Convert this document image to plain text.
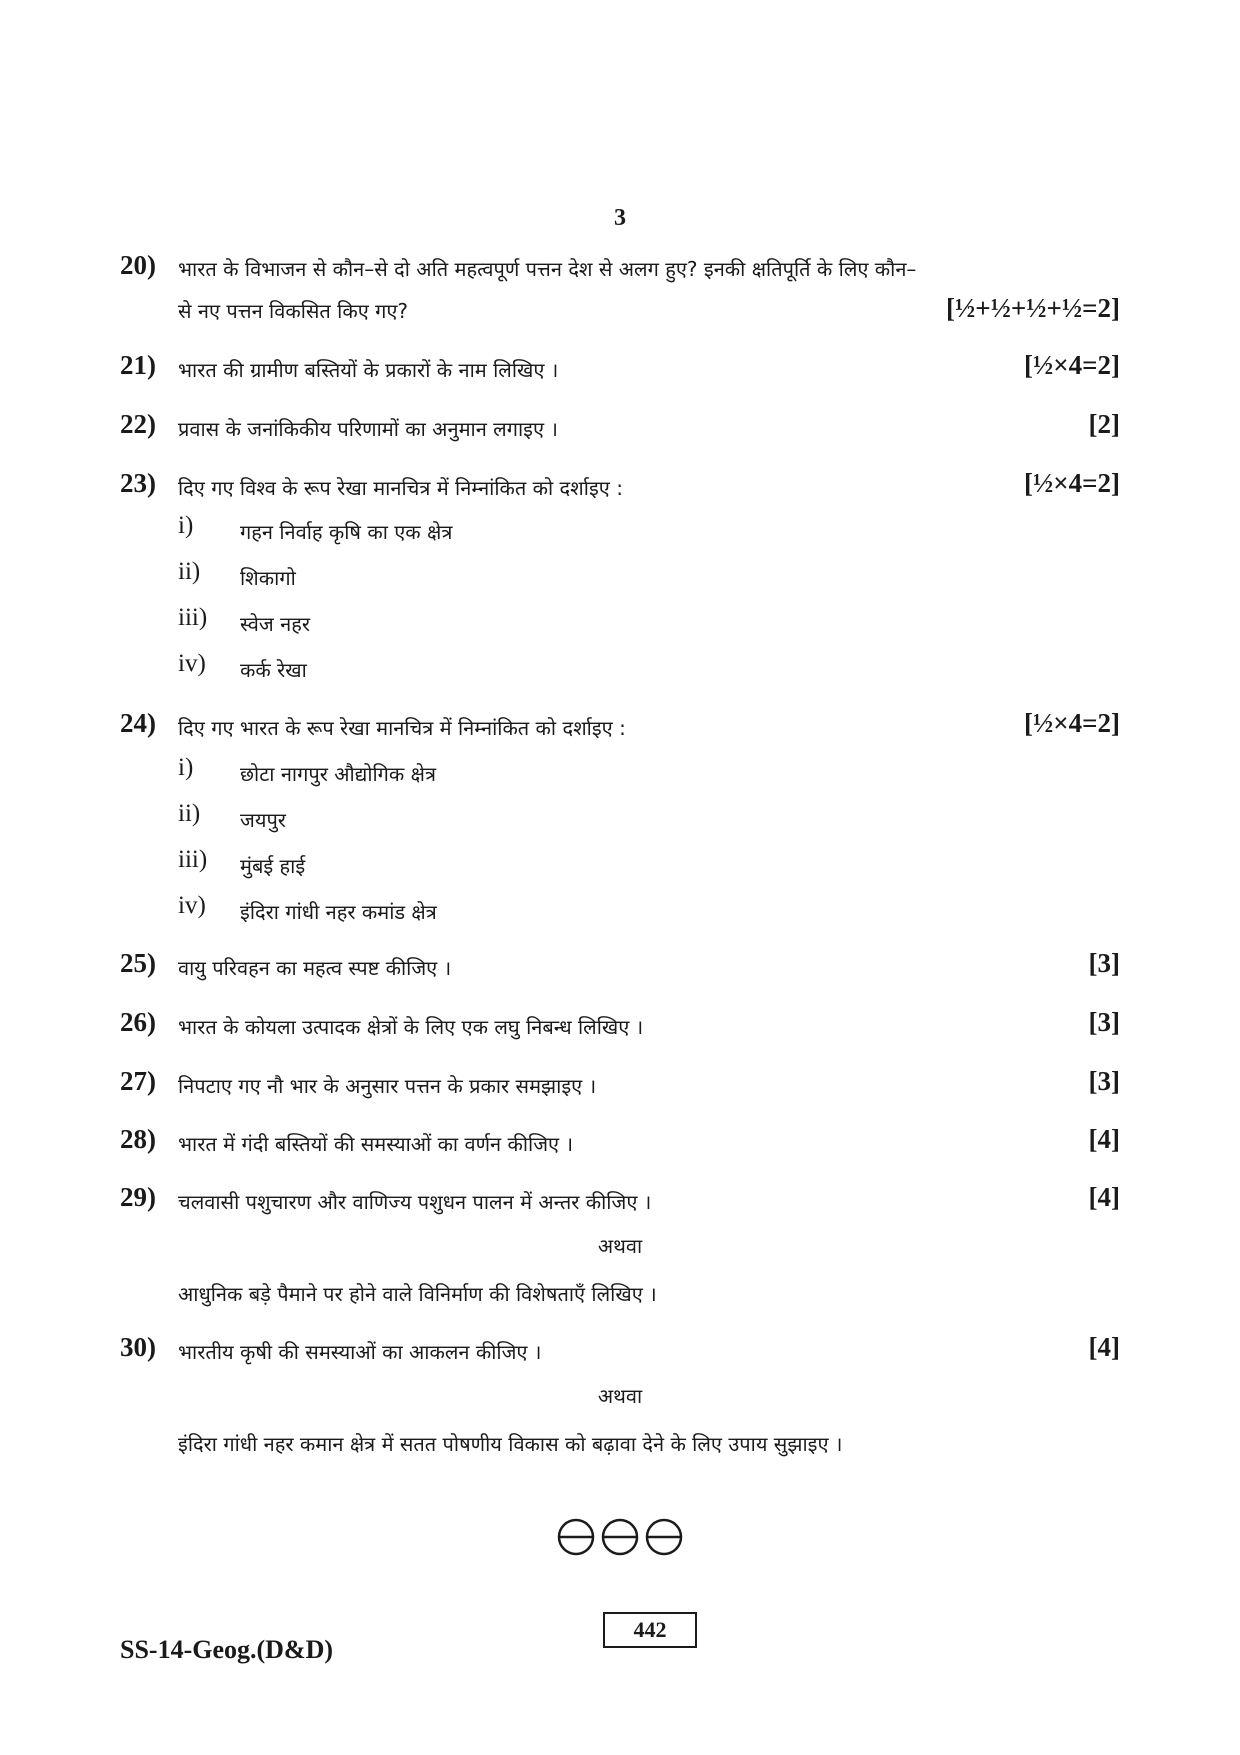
3
20) भारत के विभाजन से कौन–से दो अति महत्वपूर्ण पत्तन देश से अलग हुए? इनकी क्षतिपूर्ति के लिए कौन–
से नए पत्तन विकसित किए गए?	[½+½+½+½=2]
21) भारत की ग्रामीण बस्तियों के प्रकारों के नाम लिखिए ।	[½×4=2]
22) प्रवास के जनांकिकीय परिणामों का अनुमान लगाइए ।	[2]
23) दिए गए विश्व के रूप रेखा मानचित्र में निम्नांकित को दर्शाइए :	[½×4=2]
i) गहन निर्वाह कृषि का एक क्षेत्र
ii) शिकागो
iii) स्वेज नहर
iv) कर्क रेखा
24) दिए गए भारत के रूप रेखा मानचित्र में निम्नांकित को दर्शाइए :	[½×4=2]
i) छोटा नागपुर औद्योगिक क्षेत्र
ii) जयपुर
iii) मुंबई हाई
iv) इंदिरा गांधी नहर कमांड क्षेत्र
25) वायु परिवहन का महत्व स्पष्ट कीजिए ।	[3]
26) भारत के कोयला उत्पादक क्षेत्रों के लिए एक लघु निबन्ध लिखिए ।	[3]
27) निपटाए गए नौ भार के अनुसार पत्तन के प्रकार समझाइए ।	[3]
28) भारत में गंदी बस्तियों की समस्याओं का वर्णन कीजिए ।	[4]
29) चलवासी पशुचारण और वाणिज्य पशुधन पालन में अन्तर कीजिए ।	[4]
अथवा
आधुनिक बड़े पैमाने पर होने वाले विनिर्माण की विशेषताएँ लिखिए ।
30) भारतीय कृषी की समस्याओं का आकलन कीजिए ।	[4]
अथवा
इंदिरा गांधी नहर कमान क्षेत्र में सतत पोषणीय विकास को बढ़ावा देने के लिए उपाय सुझाइए ।
SS-14-Geog.(D&D)
442
